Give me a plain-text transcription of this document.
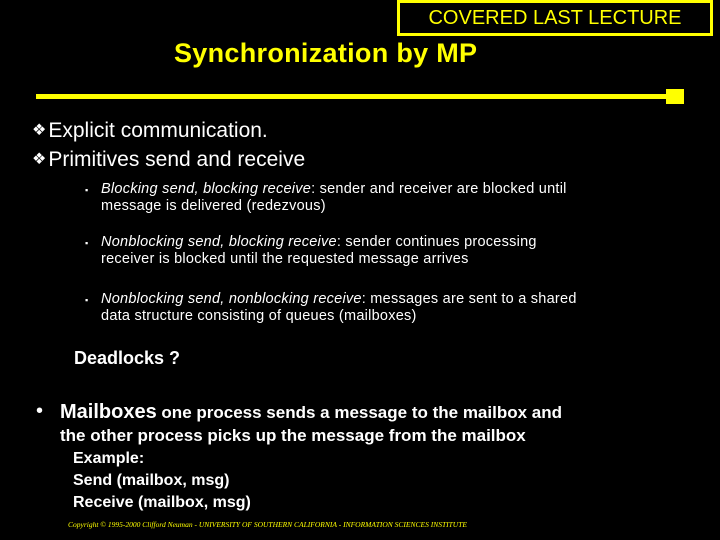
COVERED LAST LECTURE
Synchronization by MP
❖Explicit communication.
❖Primitives send and receive
▪ Blocking send, blocking receive: sender and receiver are blocked until
message is delivered (redezvous)
▪ Nonblocking send, blocking receive: sender continues processing
receiver is blocked until the requested message arrives
▪ Nonblocking send, nonblocking receive: messages are sent to a shared
data structure consisting of queues (mailboxes)
Deadlocks ?
• Mailboxes one process sends a message to the mailbox and
the other process picks up the message from the mailbox
Example:
Send (mailbox, msg)
Receive (mailbox, msg)
Copyright © 1995-2000 Clifford Neuman - UNIVERSITY OF SOUTHERN CALIFORNIA - INFORMATION SCIENCES INSTITUTE
